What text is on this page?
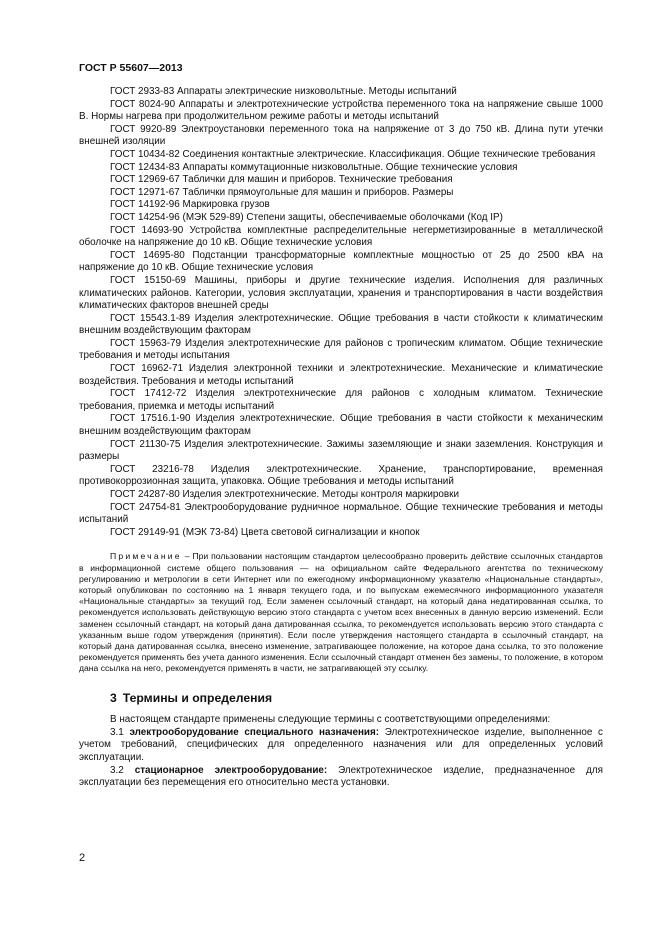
ГОСТ Р 55607—2013

ГОСТ 2933-83 Аппараты электрические низковольтные. Методы испытаний

ГОСТ 8024-90 Аппараты и электротехнические устройства переменного тока на напряжение свыше 1000 В. Нормы нагрева при продолжительном режиме работы и методы испытаний

ГОСТ 9920-89 Электроустановки переменного тока на напряжение от 3 до 750 кВ. Длина пути утечки внешней изоляции

ГОСТ 10434-82 Соединения контактные электрические. Классификация. Общие технические требования

ГОСТ 12434-83 Аппараты коммутационные низковольтные. Общие технические условия

ГОСТ 12969-67 Таблички для машин и приборов. Технические требования

ГОСТ 12971-67 Таблички прямоугольные для машин и приборов. Размеры

ГОСТ 14192-96 Маркировка грузов

ГОСТ 14254-96 (МЭК 529-89) Степени защиты, обеспечиваемые оболочками (Код IP)

ГОСТ 14693-90 Устройства комплектные распределительные негерметизированные в металлической оболочке на напряжение до 10 кВ. Общие технические условия

ГОСТ 14695-80 Подстанции трансформаторные комплектные мощностью от 25 до 2500 кВА на напряжение до 10 кВ. Общие технические условия

ГОСТ 15150-69 Машины, приборы и другие технические изделия. Исполнения для различных климатических районов. Категории, условия эксплуатации, хранения и транспортирования в части воздействия климатических факторов внешней среды

ГОСТ 15543.1-89 Изделия электротехнические. Общие требования в части стойкости к климатическим внешним воздействующим факторам

ГОСТ 15963-79 Изделия электротехнические для районов с тропическим климатом. Общие технические требования и методы испытания

ГОСТ 16962-71 Изделия электронной техники и электротехнические. Механические и климатические воздействия. Требования и методы испытаний

ГОСТ 17412-72 Изделия электротехнические для районов с холодным климатом. Технические требования, приемка и методы испытаний

ГОСТ 17516.1-90 Изделия электротехнические. Общие требования в части стойкости к механическим внешним воздействующим факторам

ГОСТ 21130-75 Изделия электротехнические. Зажимы заземляющие и знаки заземления. Конструкция и размеры

ГОСТ 23216-78 Изделия электротехнические. Хранение, транспортирование, временная противокоррозионная защита, упаковка. Общие требования и методы испытаний

ГОСТ 24287-80 Изделия электротехнические. Методы контроля маркировки

ГОСТ 24754-81 Электрооборудование рудничное нормальное. Общие технические требования и методы испытаний

ГОСТ 29149-91 (МЭК 73-84) Цвета световой сигнализации и кнопок

Примечание – При пользовании настоящим стандартом целесообразно проверить действие ссылочных стандартов в информационной системе общего пользования — на официальном сайте Федерального агентства по техническому регулированию и метрологии в сети Интернет или по ежегодному информационному указателю «Национальные стандарты», который опубликован по состоянию на 1 января текущего года, и по выпускам ежемесячного информационного указателя «Национальные стандарты» за текущий год. Если заменен ссылочный стандарт, на который дана недатированная ссылка, то рекомендуется использовать действующую версию этого стандарта с учетом всех внесенных в данную версию изменений. Если заменен ссылочный стандарт, на который дана датированная ссылка, то рекомендуется использовать версию этого стандарта с указанным выше годом утверждения (принятия). Если после утверждения настоящего стандарта в ссылочный стандарт, на который дана датированная ссылка, внесено изменение, затрагивающее положение, на которое дана ссылка, то это положение рекомендуется применять без учета данного изменения. Если ссылочный стандарт отменен без замены, то положение, в котором дана ссылка на него, рекомендуется применять в части, не затрагивающей эту ссылку.
3 Термины и определения

В настоящем стандарте применены следующие термины с соответствующими определениями:

3.1 электрооборудование специального назначения: Электротехническое изделие, выполненное с учетом требований, специфических для определенного назначения или для определенных условий эксплуатации.

3.2 стационарное электрооборудование: Электротехническое изделие, предназначенное для эксплуатации без перемещения его относительно места установки.

2
